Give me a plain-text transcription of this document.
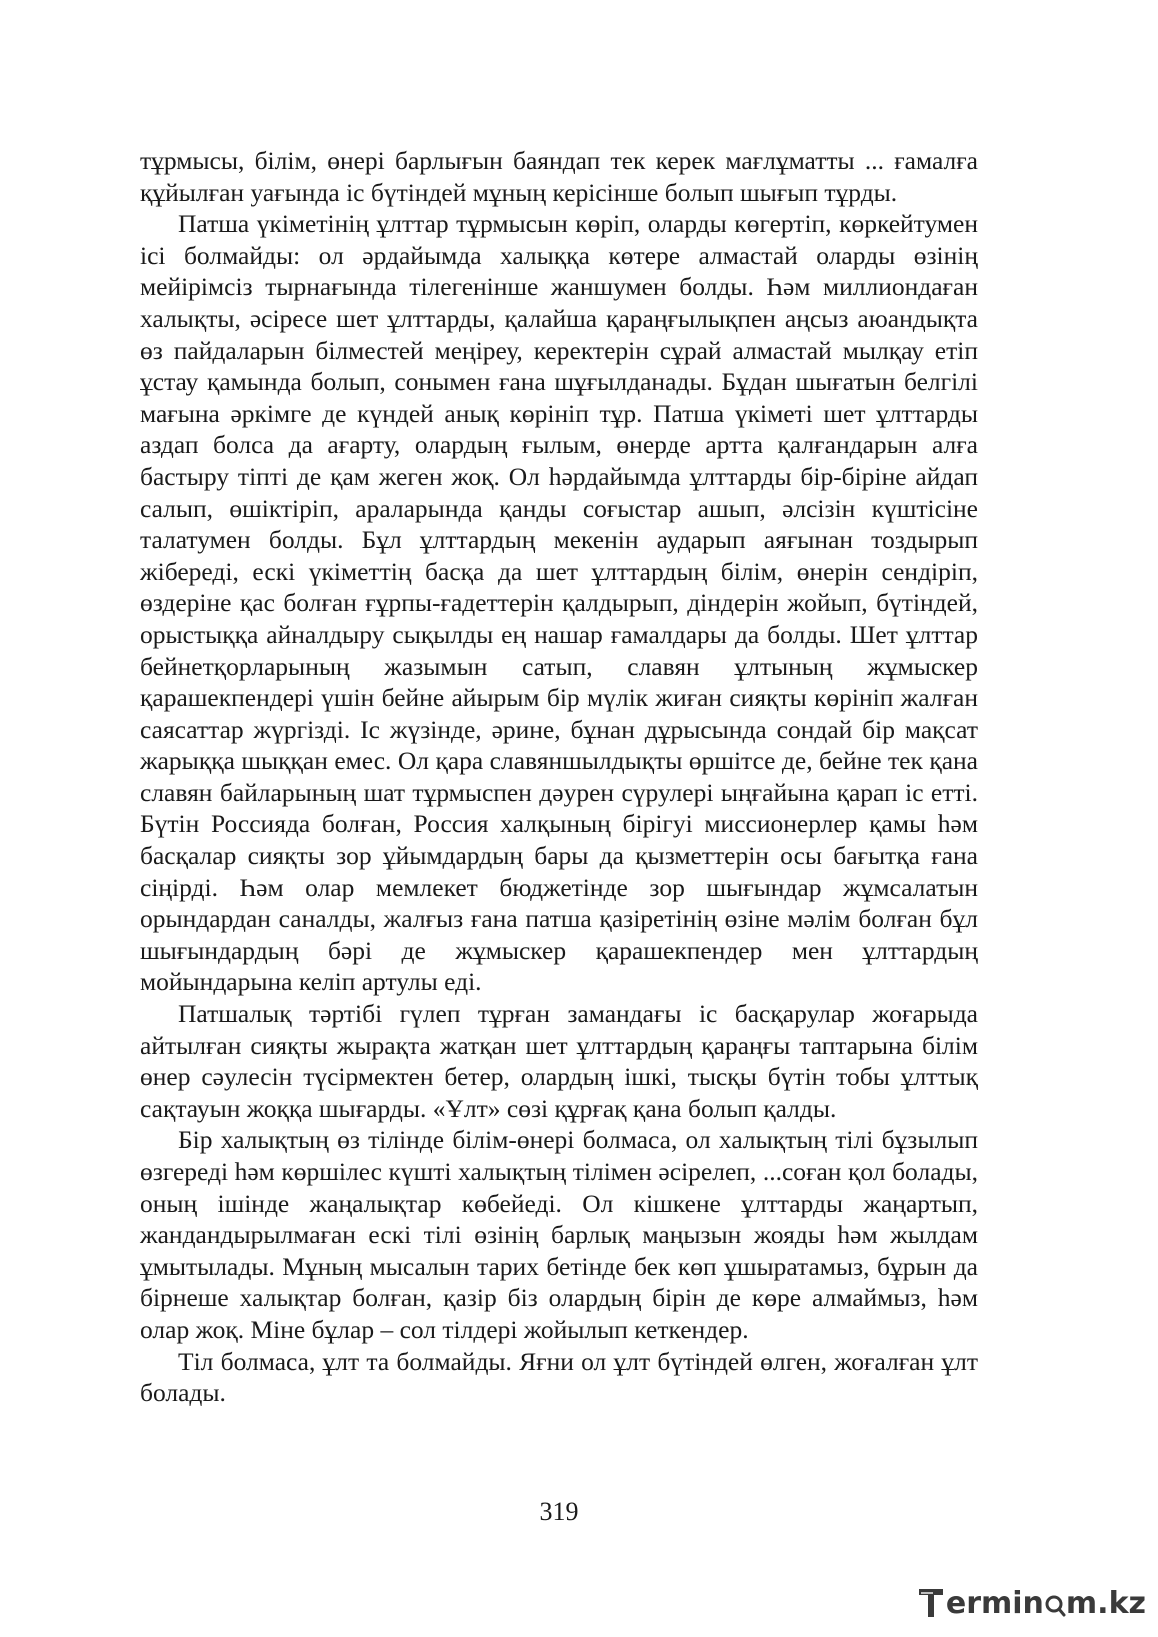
тұрмысы, білім, өнері барлығын баяндап тек керек мағлұматты ... ғамалға құйылған уағында іс бүтіндей мұның керісінше болып шығып тұрды.

Патша үкіметінің ұлттар тұрмысын көріп, оларды көгертіп, көркейтумен ісі болмайды: ол әрдайымда халыққа көтере алмастай оларды өзінің мейірімсіз тырнағында тілегенінше жаншумен болды. Һәм миллиондаған халықты, әсіресе шет ұлттарды, қалайша қараңғылықпен аңсыз аюандықта өз пайдаларын білместей меңіреу, керектерін сұрай алмастай мылқау етіп ұстау қамында болып, сонымен ғана шұғылданады. Бұдан шығатын белгілі мағына әркімге де күндей анық көрініп тұр. Патша үкіметі шет ұлттарды аздап болса да ағарту, олардың ғылым, өнерде артта қалғандарын алға бастыру тіпті де қам жеген жоқ. Ол һәрдайымда ұлттарды бір-біріне айдап салып, өшіктіріп, араларында қанды соғыстар ашып, әлсізін күштісіне талатумен болды. Бұл ұлттардың мекенін аударып аяғынан тоздырып жібереді, ескі үкіметтің басқа да шет ұлттардың білім, өнерін сендіріп, өздеріне қас болған ғұрпы-ғадеттерін қалдырып, діндерін жойып, бүтіндей, орыстыққа айналдыру сықылды ең нашар ғамалдары да болды. Шет ұлттар бейнетқорларының жазымын сатып, славян ұлтының жұмыскер қарашекпендері үшін бейне айырым бір мүлік жиған сияқты көрініп жалған саясаттар жүргізді. Іс жүзінде, әрине, бұнан дұрысында сондай бір мақсат жарыққа шыққан емес. Ол қара славяншылдықты өршітсе де, бейне тек қана славян байларының шат тұрмыспен дәурен сүрулері ыңғайына қарап іс етті. Бүтін Россияда болған, Россия халқының бірігуі миссионерлер қамы һәм басқалар сияқты зор ұйымдардың бары да қызметтерін осы бағытқа ғана сіңірді. Һәм олар мемлекет бюджетінде зор шығындар жұмсалатын орындардан саналды, жалғыз ғана патша қазіретінің өзіне мәлім болған бұл шығындардың бәрі де жұмыскер қарашекпендер мен ұлттардың мойындарына келіп артулы еді.

Патшалық тәртібі гүлеп тұрған замандағы іс басқарулар жоғарыда айтылған сияқты жырақта жатқан шет ұлттардың қараңғы таптарына білім өнер сәулесін түсірмектен бетер, олардың ішкі, тысқы бүтін тобы ұлттық сақтауын жоққа шығарды. «Ұлт» сөзі құрғақ қана болып қалды.

Бір халықтың өз тілінде білім-өнері болмаса, ол халықтың тілі бұзылып өзгереді һәм көршілес күшті халықтың тілімен әсірелеп, ...соған қол болады, оның ішінде жаңалықтар көбейеді. Ол кішкене ұлттарды жаңартып, жандандырылмаған ескі тілі өзінің барлық маңызын жояды һәм жылдам ұмытылады. Мұның мысалын тарих бетінде бек көп ұшыратамыз, бұрын да бірнеше халықтар болған, қазір біз олардың бірін де көре алмаймыз, һәм олар жоқ. Міне бұлар – сол тілдері жойылып кеткендер.

Тіл болмаса, ұлт та болмайды. Яғни ол ұлт бүтіндей өлген, жоғалған ұлт болады.

319
ermin m.kz
